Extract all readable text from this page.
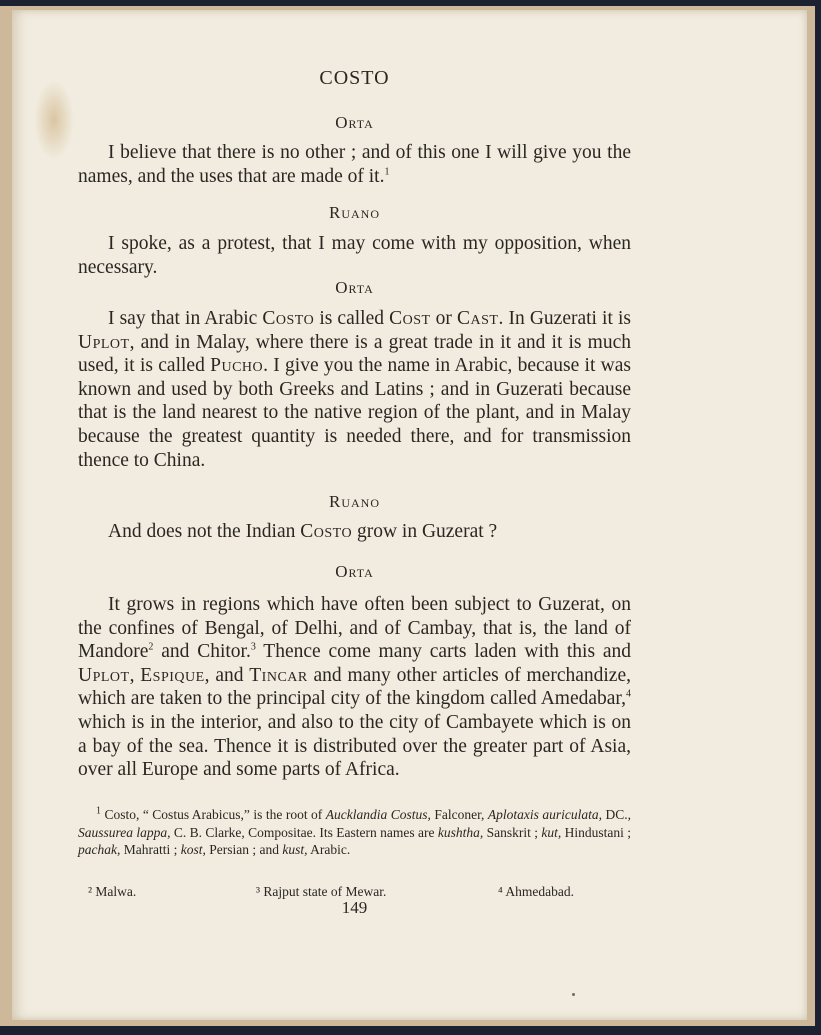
COSTO
Orta

I believe that there is no other ; and of this one I will give you the names, and the uses that are made of it.$^1$

Ruano

I spoke, as a protest, that I may come with my opposition, when necessary.

Orta

I say that in Arabic Costo is called Cost or Cast. In Guzerati it is Uplot, and in Malay, where there is a great trade in it and it is much used, it is called Pucho. I give you the name in Arabic, because it was known and used by both Greeks and Latins ; and in Guzerati because that is the land nearest to the native region of the plant, and in Malay because the greatest quantity is needed there, and for transmission thence to China.

Ruano

And does not the Indian Costo grow in Guzerat ?

Orta

It grows in regions which have often been subject to Guzerat, on the confines of Bengal, of Delhi, and of Cambay, that is, the land of Mandore$^2$ and Chitor.$^3$ Thence come many carts laden with this and Uplot, Espique, and Tincar and many other articles of merchandize, which are taken to the principal city of the kingdom called Amedabar,$^4$ which is in the interior, and also to the city of Cambayete which is on a bay of the sea. Thence it is distributed over the greater part of Asia, over all Europe and some parts of Africa.

$^1$ Costo, “ Costus Arabicus,” is the root of Aucklandia Costus, Falconer, Aplotaxis auriculata, DC., Saussurea lappa, C. B. Clarke, Compositae. Its Eastern names are kushtha, Sanskrit ; kut, Hindustani ; pachak, Mahratti ; kost, Persian ; and kust, Arabic.

² Malwa.	³ Rajput state of Mewar.	⁴ Ahmedabad.
149
